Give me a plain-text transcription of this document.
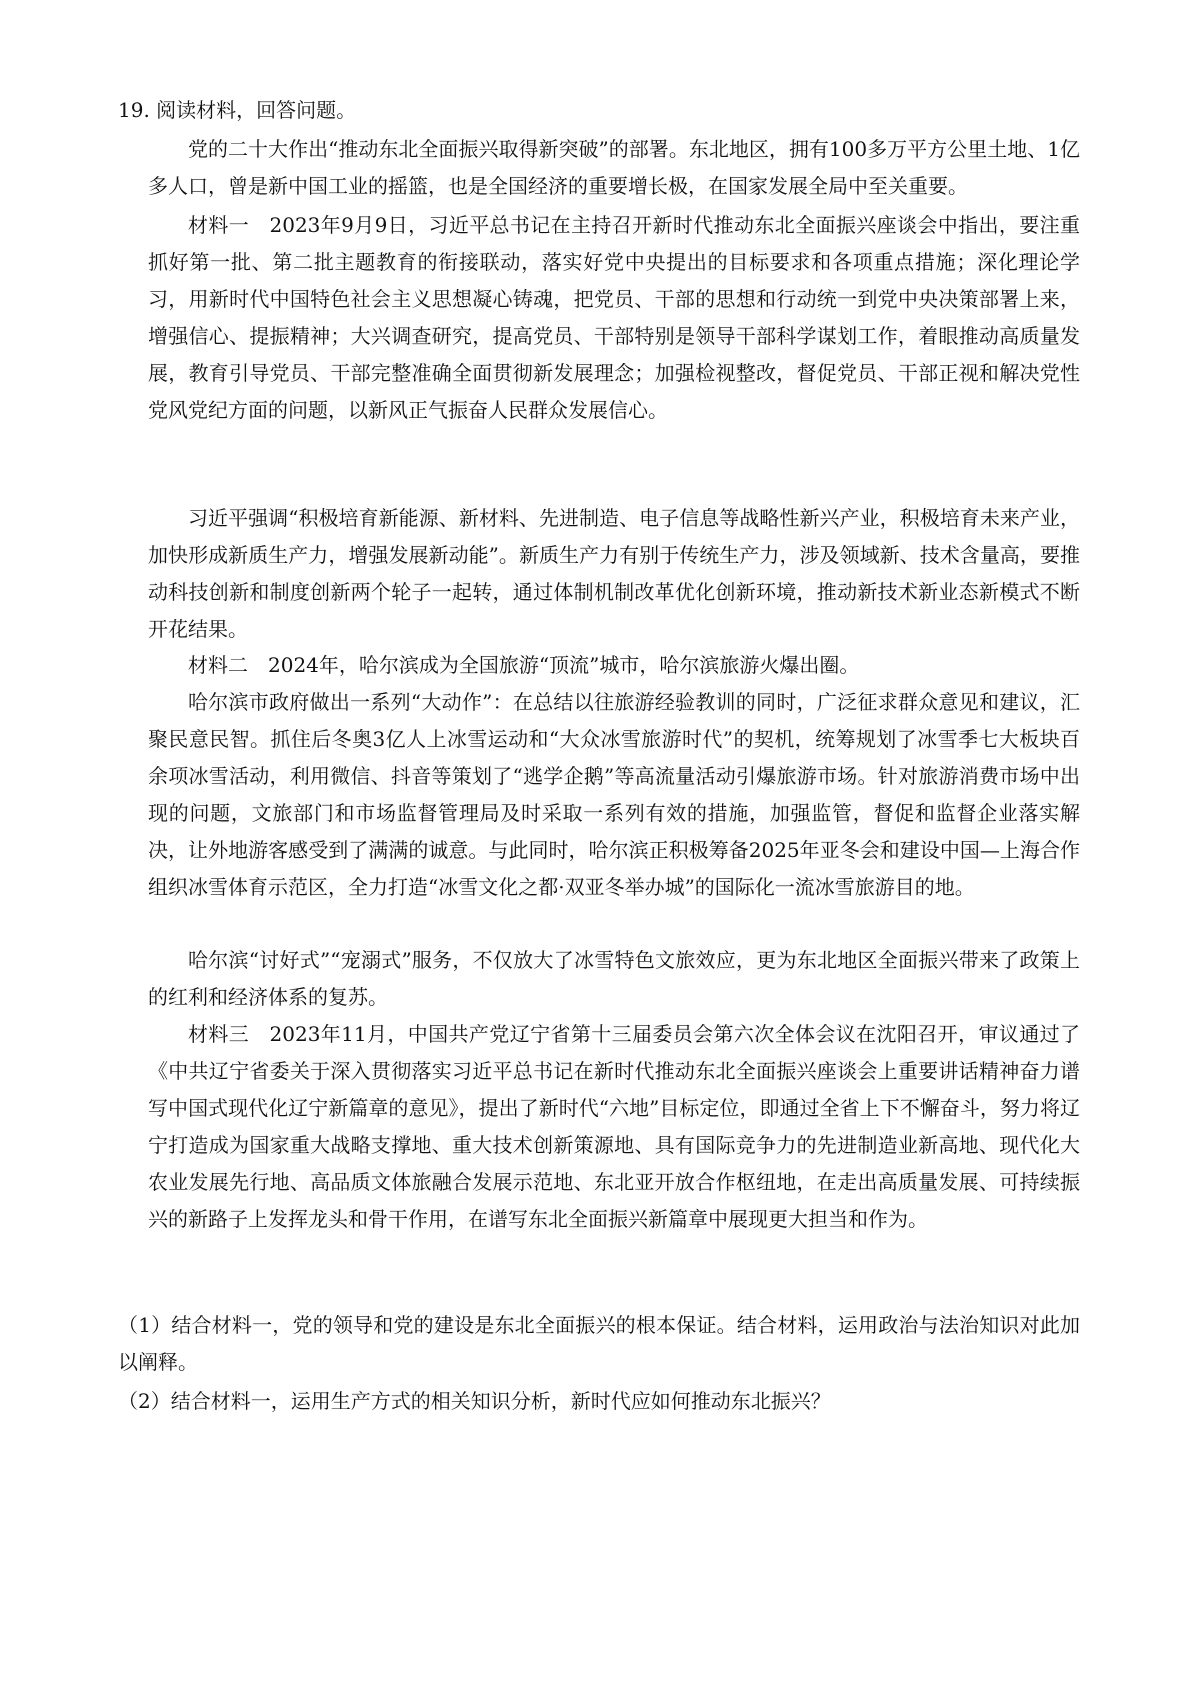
19. 阅读材料，回答问题。

党的二十大作出“推动东北全面振兴取得新突破”的部署。东北地区，拥有100多万平方公里土地、1亿多人口，曾是新中国工业的摇篮，也是全国经济的重要增长极，在国家发展全局中至关重要。

材料一　2023年9月9日，习近平总书记在主持召开新时代推动东北全面振兴座谈会中指出，要注重抓好第一批、第二批主题教育的衔接联动，落实好党中央提出的目标要求和各项重点措施；深化理论学习，用新时代中国特色社会主义思想凝心铸魂，把党员、干部的思想和行动统一到党中央决策部署上来，增强信心、提振精神；大兴调查研究，提高党员、干部特别是领导干部科学谋划工作，着眼推动高质量发展，教育引导党员、干部完整准确全面贯彻新发展理念；加强检视整改，督促党员、干部正视和解决党性党风党纪方面的问题，以新风正气振奋人民群众发展信心。

习近平强调“积极培育新能源、新材料、先进制造、电子信息等战略性新兴产业，积极培育未来产业，加快形成新质生产力，增强发展新动能”。新质生产力有别于传统生产力，涉及领域新、技术含量高，要推动科技创新和制度创新两个轮子一起转，通过体制机制改革优化创新环境，推动新技术新业态新模式不断开花结果。

材料二　2024年，哈尔滨成为全国旅游“顶流”城市，哈尔滨旅游火爆出圈。

哈尔滨市政府做出一系列“大动作”：在总结以往旅游经验教训的同时，广泛征求群众意见和建议，汇聚民意民智。抓住后冬奥3亿人上冰雪运动和“大众冰雪旅游时代”的契机，统筹规划了冰雪季七大板块百余项冰雪活动，利用微信、抖音等策划了“逃学企鹅”等高流量活动引爆旅游市场。针对旅游消费市场中出现的问题，文旅部门和市场监督管理局及时采取一系列有效的措施，加强监管，督促和监督企业落实解决，让外地游客感受到了满满的诚意。与此同时，哈尔滨正积极筹备2025年亚冬会和建设中国—上海合作组织冰雪体育示范区，全力打造“冰雪文化之都·双亚冬举办城”的国际化一流冰雪旅游目的地。

哈尔滨“讨好式”“宠溺式”服务，不仅放大了冰雪特色文旅效应，更为东北地区全面振兴带来了政策上的红利和经济体系的复苏。

材料三　2023年11月，中国共产党辽宁省第十三届委员会第六次全体会议在沈阳召开，审议通过了《中共辽宁省委关于深入贯彻落实习近平总书记在新时代推动东北全面振兴座谈会上重要讲话精神奋力谱写中国式现代化辽宁新篇章的意见》，提出了新时代“六地”目标定位，即通过全省上下不懈奋斗，努力将辽宁打造成为国家重大战略支撑地、重大技术创新策源地、具有国际竞争力的先进制造业新高地、现代化大农业发展先行地、高品质文体旅融合发展示范地、东北亚开放合作枢纽地，在走出高质量发展、可持续振兴的新路子上发挥龙头和骨干作用，在谱写东北全面振兴新篇章中展现更大担当和作为。

（1）结合材料一，党的领导和党的建设是东北全面振兴的根本保证。结合材料，运用政治与法治知识对此加以阐释。

（2）结合材料一，运用生产方式的相关知识分析，新时代应如何推动东北振兴？
